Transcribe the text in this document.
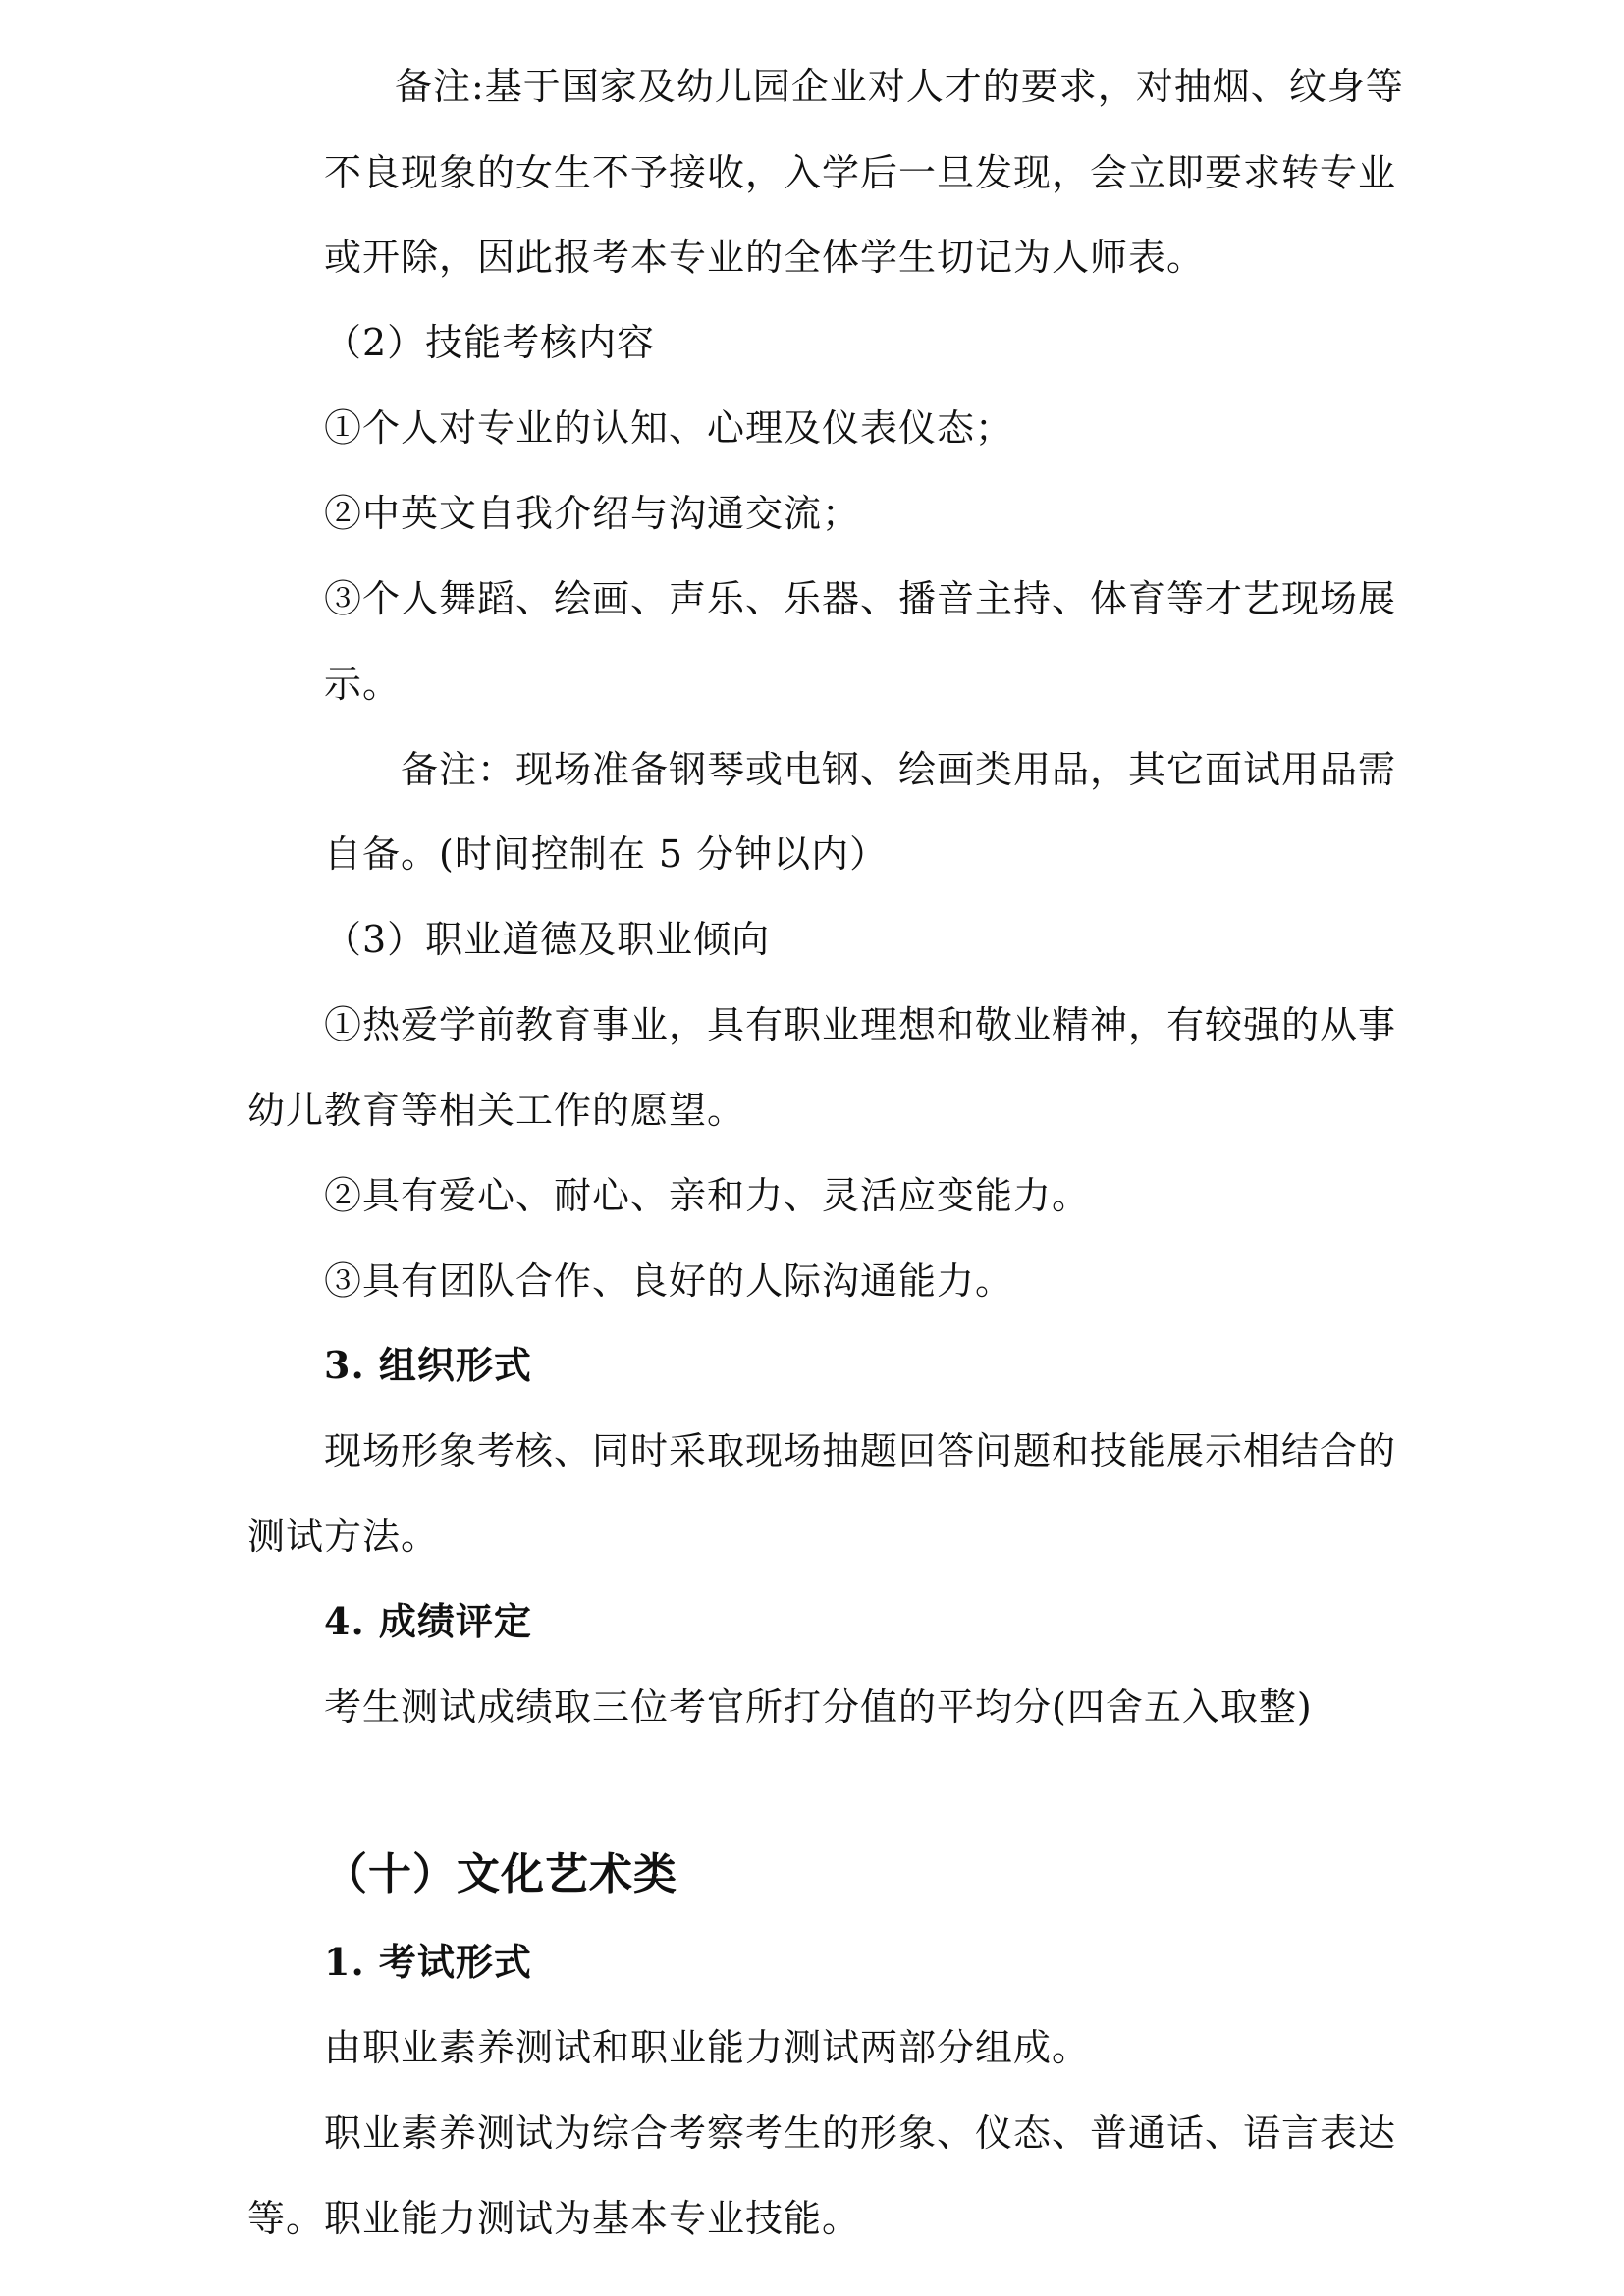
备注:基于国家及幼儿园企业对人才的要求，对抽烟、纹身等
不良现象的女生不予接收，入学后一旦发现，会立即要求转专业
或开除，因此报考本专业的全体学生切记为人师表。
（2）技能考核内容
①个人对专业的认知、心理及仪表仪态；
②中英文自我介绍与沟通交流；
③个人舞蹈、绘画、声乐、乐器、播音主持、体育等才艺现场展
示。
备注：现场准备钢琴或电钢、绘画类用品，其它面试用品需
自备。(时间控制在 5 分钟以内）
（3）职业道德及职业倾向
①热爱学前教育事业，具有职业理想和敬业精神，有较强的从事
幼儿教育等相关工作的愿望。
②具有爱心、耐心、亲和力、灵活应变能力。
③具有团队合作、良好的人际沟通能力。
3. 组织形式
现场形象考核、同时采取现场抽题回答问题和技能展示相结合的
测试方法。
4. 成绩评定
考生测试成绩取三位考官所打分值的平均分(四舍五入取整)
（十）文化艺术类
1. 考试形式
由职业素养测试和职业能力测试两部分组成。
职业素养测试为综合考察考生的形象、仪态、普通话、语言表达
等。职业能力测试为基本专业技能。
